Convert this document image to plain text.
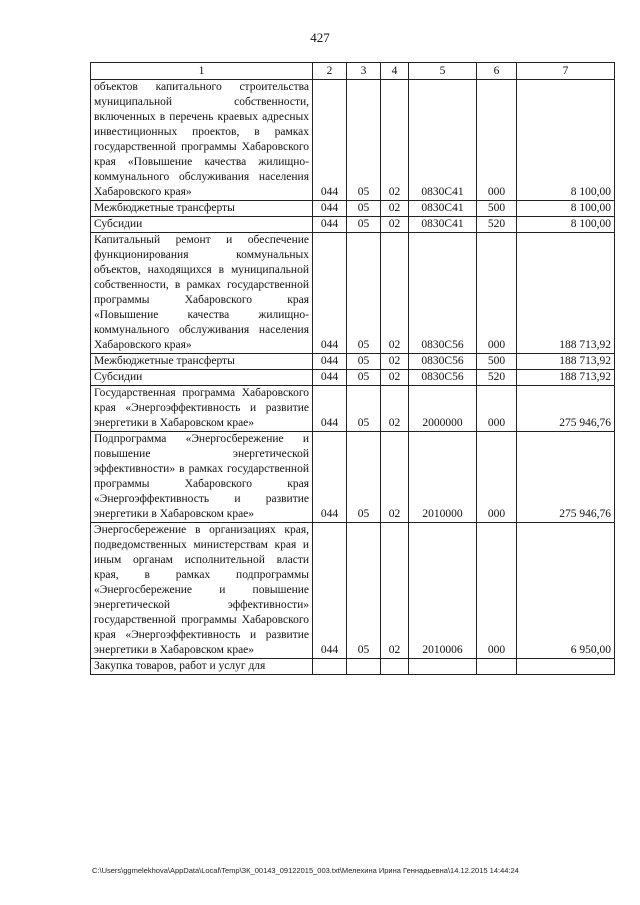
427
1	2	3	4	5	6	7
объектов капитального строительства муниципальной собственности, включенных в перечень краевых адресных инвестиционных проектов, в рамках государственной программы Хабаровского края «Повышение качества жилищно-коммунального обслуживания населения Хабаровского края»	044	05	02	0830С41	000	8 100,00
Межбюджетные трансферты	044	05	02	0830С41	500	8 100,00
Субсидии	044	05	02	0830С41	520	8 100,00
Капитальный ремонт и обеспечение функционирования коммунальных объектов, находящихся в муниципальной собственности, в рамках государственной программы Хабаровского края «Повышение качества жилищно-коммунального обслуживания населения Хабаровского края»	044	05	02	0830С56	000	188 713,92
Межбюджетные трансферты	044	05	02	0830С56	500	188 713,92
Субсидии	044	05	02	0830С56	520	188 713,92
Государственная программа Хабаровского края «Энергоэффективность и развитие энергетики в Хабаровском крае»	044	05	02	2000000	000	275 946,76
Подпрограмма «Энергосбережение и повышение энергетической эффективности» в рамках государственной программы Хабаровского края «Энергоэффективность и развитие энергетики в Хабаровском крае»	044	05	02	2010000	000	275 946,76
Энергосбережение в организациях края, подведомственных министерствам края и иным органам исполнительной власти края, в рамках подпрограммы «Энергосбережение и повышение энергетической эффективности» государственной программы Хабаровского края «Энергоэффективность и развитие энергетики в Хабаровском крае»	044	05	02	2010006	000	6 950,00
Закупка товаров, работ и услуг для						
C:\Users\ggmelekhova\AppData\Local\Temp\ЗК_00143_09122015_003.txt\Мелехина Ирина Геннадьевна\14.12.2015 14:44:24
